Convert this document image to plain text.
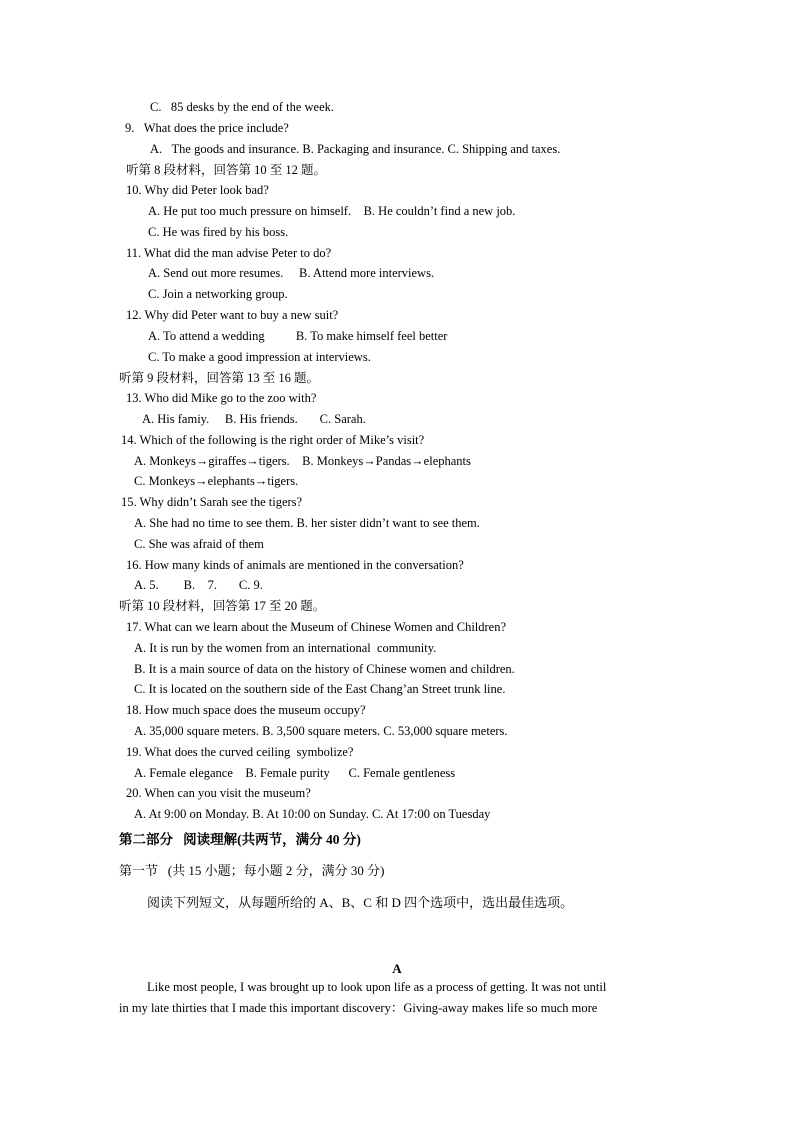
C.   85 desks by the end of the week.
9.   What does the price include?
A.   The goods and insurance. B. Packaging and insurance. C. Shipping and taxes.
听第 8 段材料，回答第 10 至 12 题。
10. Why did Peter look bad?
A. He put too much pressure on himself.    B. He couldn’t find a new job.
C. He was fired by his boss.
11. What did the man advise Peter to do?
A. Send out more resumes.     B. Attend more interviews.
C. Join a networking group.
12. Why did Peter want to buy a new suit?
A. To attend a wedding          B. To make himself feel better
C. To make a good impression at interviews.
听第 9 段材料，回答第 13 至 16 题。
13. Who did Mike go to the zoo with?
A. His famiy.     B. His friends.       C. Sarah.
14. Which of the following is the right order of Mike’s visit?
A. Monkeys→giraffes→tigers.    B. Monkeys→Pandas→elephants
C. Monkeys→elephants→tigers.
15. Why didn’t Sarah see the tigers?
A. She had no time to see them. B. her sister didn’t want to see them.
C. She was afraid of them
16. How many kinds of animals are mentioned in the conversation?
A. 5.        B.    7.       C. 9.
听第 10 段材料，回答第 17 至 20 题。
17. What can we learn about the Museum of Chinese Women and Children?
A. It is run by the women from an international  community.
B. It is a main source of data on the history of Chinese women and children.
C. It is located on the southern side of the East Chang’an Street trunk line.
18. How much space does the museum occupy?
A. 35,000 square meters. B. 3,500 square meters. C. 53,000 square meters.
19. What does the curved ceiling  symbolize?
A. Female elegance    B. Female purity      C. Female gentleness
20. When can you visit the museum?
A. At 9:00 on Monday. B. At 10:00 on Sunday. C. At 17:00 on Tuesday
第二部分   阅读理解(共两节，满分 40 分)
第一节   (共 15 小题；每小题 2 分，满分 30 分)
阅读下列短文，从每题所给的 A、B、C 和 D 四个选项中，选出最佳选项。
A
Like most people, I was brought up to look upon life as a process of getting. It was not until
in my late thirties that I made this important discovery：Giving-away makes life so much more
